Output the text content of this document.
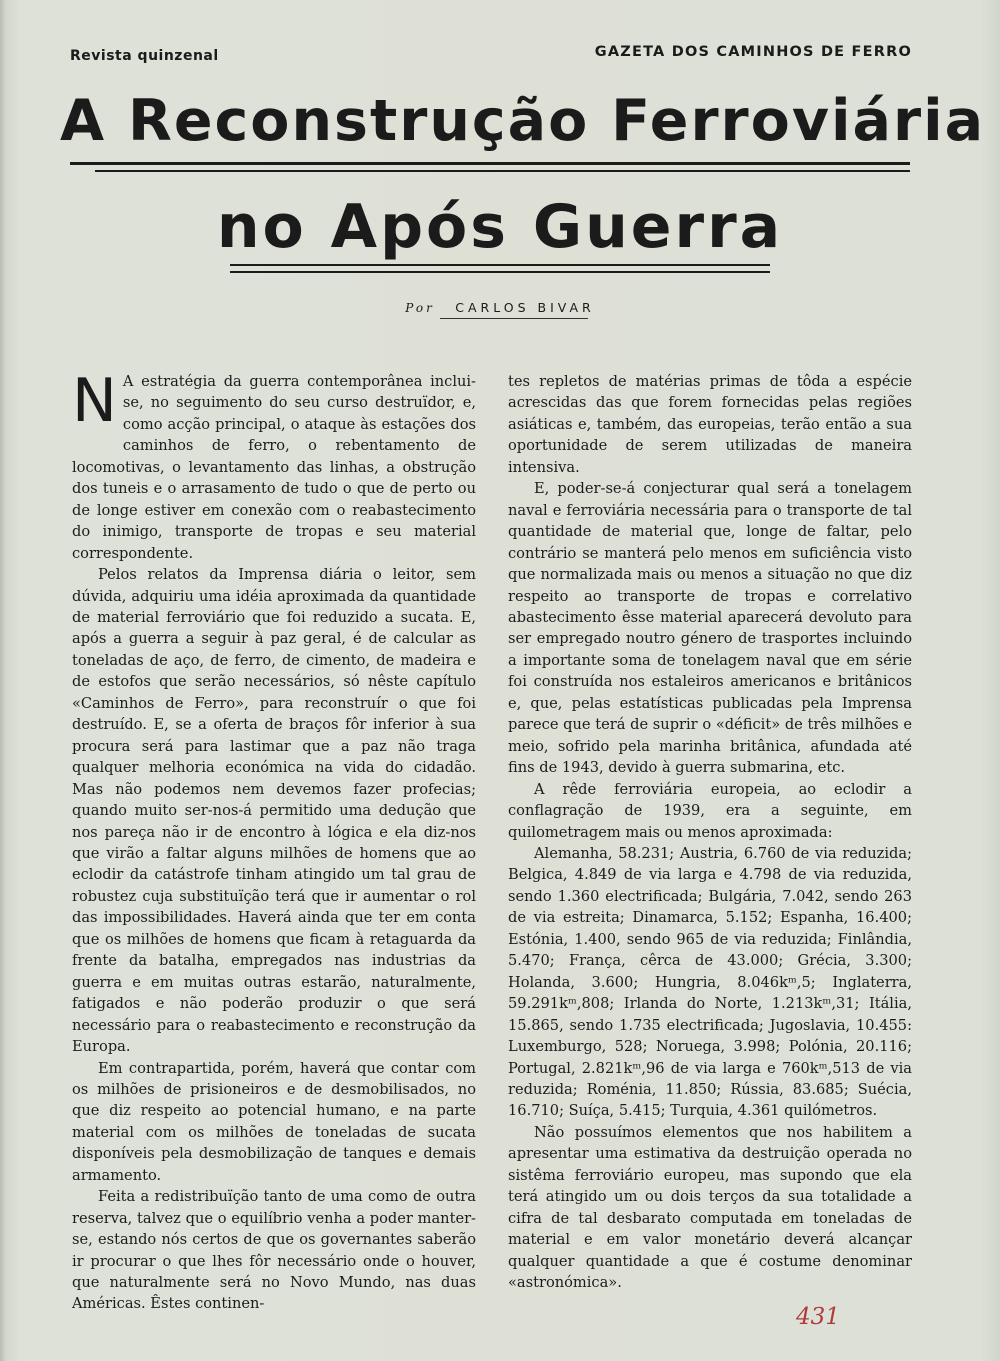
Revista quinzenal	GAZETA DOS CAMINHOS DE FERRO
A Reconstrução Ferroviária
no Após Guerra
Por CARLOS BIVAR

N A estratégia da guerra contemporânea inclui-se, no seguimento do seu curso destruïdor, e, como acção principal, o ataque às estações dos caminhos de ferro, o rebentamento de locomotivas, o levantamento das linhas, a obstrução dos tuneis e o arrasamento de tudo o que de perto ou de longe estiver em conexão com o reabastecimento do inimigo, transporte de tropas e seu material correspondente.

Pelos relatos da Imprensa diária o leitor, sem dúvida, adquiriu uma idéia aproximada da quantidade de material ferroviário que foi reduzido a sucata. E, após a guerra a seguir à paz geral, é de calcular as toneladas de aço, de ferro, de cimento, de madeira e de estofos que serão necessários, só nêste capítulo «Caminhos de Ferro», para reconstruír o que foi destruído. E, se a oferta de braços fôr inferior à sua procura será para lastimar que a paz não traga qualquer melhoria económica na vida do cidadão. Mas não podemos nem devemos fazer profecias; quando muito ser-nos-á permitido uma dedução que nos pareça não ir de encontro à lógica e ela diz-nos que virão a faltar alguns milhões de homens que ao eclodir da catástrofe tinham atingido um tal grau de robustez cuja substituïção terá que ir aumentar o rol das impossibilidades. Haverá ainda que ter em conta que os milhões de homens que ficam à retaguarda da frente da batalha, empregados nas industrias da guerra e em muitas outras estarão, naturalmente, fatigados e não poderão produzir o que será necessário para o reabastecimento e reconstrução da Europa.

Em contrapartida, porém, haverá que contar com os milhões de prisioneiros e de desmobilisados, no que diz respeito ao potencial humano, e na parte material com os milhões de toneladas de sucata disponíveis pela desmobilização de tanques e demais armamento.

Feita a redistribuïção tanto de uma como de outra reserva, talvez que o equilíbrio venha a poder manter-se, estando nós certos de que os governantes saberão ir procurar o que lhes fôr necessário onde o houver, que naturalmente será no Novo Mundo, nas duas Américas. Êstes continen-

tes repletos de matérias primas de tôda a espécie acrescidas das que forem fornecidas pelas regiões asiáticas e, também, das europeias, terão então a sua oportunidade de serem utilizadas de maneira intensiva.

E, poder-se-á conjecturar qual será a tonelagem naval e ferroviária necessária para o transporte de tal quantidade de material que, longe de faltar, pelo contrário se manterá pelo menos em suficiência visto que normalizada mais ou menos a situação no que diz respeito ao transporte de tropas e correlativo abastecimento êsse material aparecerá devoluto para ser empregado noutro género de trasportes incluindo a importante soma de tonelagem naval que em série foi construída nos estaleiros americanos e britânicos e, que, pelas estatísticas publicadas pela Imprensa parece que terá de suprir o «déficit» de três milhões e meio, sofrido pela marinha britânica, afundada até fins de 1943, devido à guerra submarina, etc.

A rêde ferroviária europeia, ao eclodir a conflagração de 1939, era a seguinte, em quilometragem mais ou menos aproximada:

Alemanha, 58.231; Austria, 6.760 de via reduzida; Belgica, 4.849 de via larga e 4.798 de via reduzida, sendo 1.360 electrificada; Bulgária, 7.042, sendo 263 de via estreita; Dinamarca, 5.152; Espanha, 16.400; Estónia, 1.400, sendo 965 de via reduzida; Finlândia, 5.470; França, cêrca de 43.000; Grécia, 3.300; Holanda, 3.600; Hungria, 8.046kᵐ,5; Inglaterra, 59.291kᵐ,808; Irlanda do Norte, 1.213kᵐ,31; Itália, 15.865, sendo 1.735 electrificada; Jugoslavia, 10.455: Luxemburgo, 528; Noruega, 3.998; Polónia, 20.116; Portugal, 2.821kᵐ,96 de via larga e 760kᵐ,513 de via reduzida; Roménia, 11.850; Rússia, 83.685; Suécia, 16.710; Suíça, 5.415; Turquia, 4.361 quilómetros.

Não possuímos elementos que nos habilitem a apresentar uma estimativa da destruição operada no sistêma ferroviário europeu, mas supondo que ela terá atingido um ou dois terços da sua totalidade a cifra de tal desbarato computada em toneladas de material e em valor monetário deverá alcançar qualquer quantidade a que é costume denominar «astronómica».

431
